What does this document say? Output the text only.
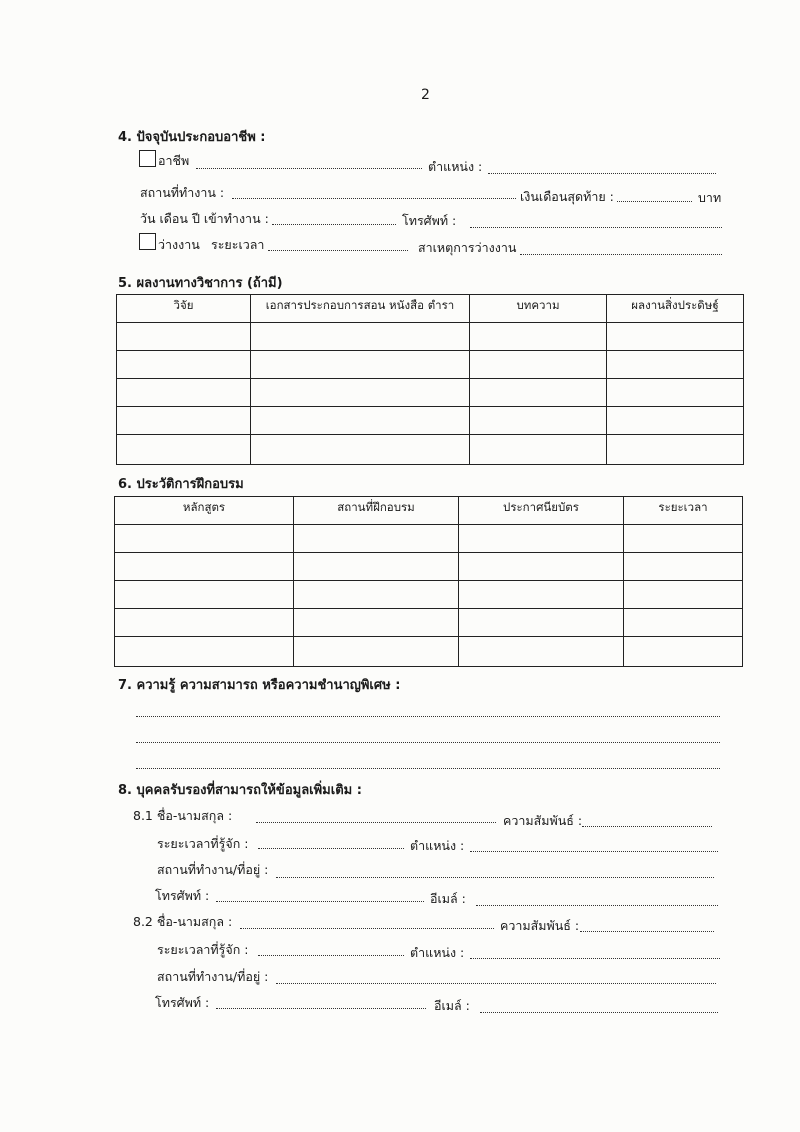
2
4. ปัจจุบันประกอบอาชีพ :
อาชีพ	ตำแหน่ง :
สถานที่ทำงาน :	เงินเดือนสุดท้าย :	บาท
วัน เดือน ปี เข้าทำงาน :	โทรศัพท์ :
ว่างงาน ระยะเวลา	สาเหตุการว่างงาน
5. ผลงานทางวิชาการ (ถ้ามี)
วิจัย	เอกสารประกอบการสอน หนังสือ ตำรา	บทความ	ผลงานสิ่งประดิษฐ์

6. ประวัติการฝึกอบรม
หลักสูตร	สถานที่ฝึกอบรม	ประกาศนียบัตร	ระยะเวลา

7. ความรู้ ความสามารถ หรือความชำนาญพิเศษ :
8. บุคคลรับรองที่สามารถให้ข้อมูลเพิ่มเติม :
8.1 ชื่อ-นามสกุล :	ความสัมพันธ์ :
ระยะเวลาที่รู้จัก :	ตำแหน่ง :
สถานที่ทำงาน/ที่อยู่ :
โทรศัพท์ :	อีเมล์ :
8.2 ชื่อ-นามสกุล :	ความสัมพันธ์ :
ระยะเวลาที่รู้จัก :	ตำแหน่ง :
สถานที่ทำงาน/ที่อยู่ :
โทรศัพท์ :	อีเมล์ :
